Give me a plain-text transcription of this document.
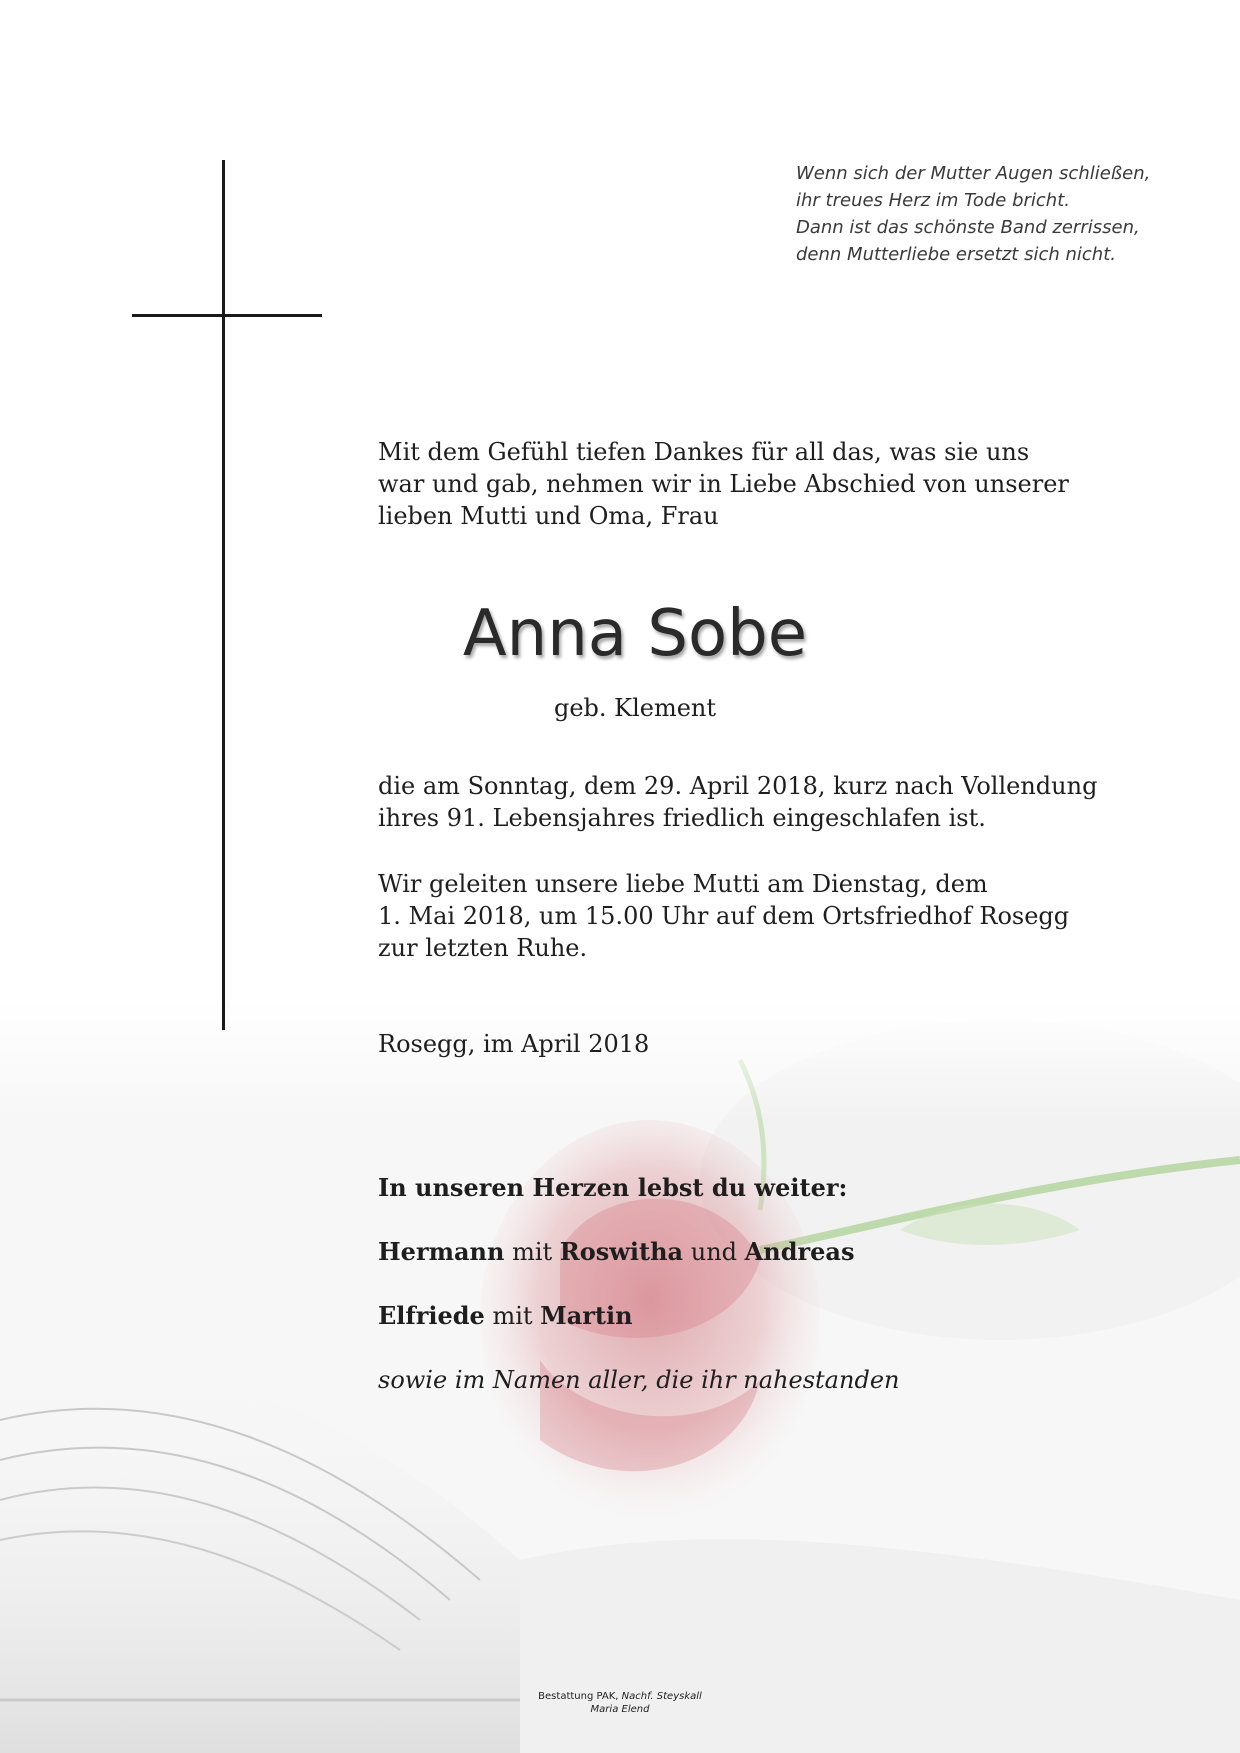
Wenn sich der Mutter Augen schließen,
ihr treues Herz im Tode bricht.
Dann ist das schönste Band zerrissen,
denn Mutterliebe ersetzt sich nicht.
Mit dem Gefühl tiefen Dankes für all das, was sie uns
war und gab, nehmen wir in Liebe Abschied von unserer
lieben Mutti und Oma, Frau
Anna Sobe
geb. Klement
die am Sonntag, dem 29. April 2018, kurz nach Vollendung
ihres 91. Lebensjahres friedlich eingeschlafen ist.
Wir geleiten unsere liebe Mutti am Dienstag, dem
1. Mai 2018, um 15.00 Uhr auf dem Ortsfriedhof Rosegg
zur letzten Ruhe.
Rosegg, im April 2018
In unseren Herzen lebst du weiter:
Hermann mit Roswitha und Andreas
Elfriede mit Martin
sowie im Namen aller, die ihr nahestanden
Bestattung PAK, Nachf. Steyskall
Maria Elend
